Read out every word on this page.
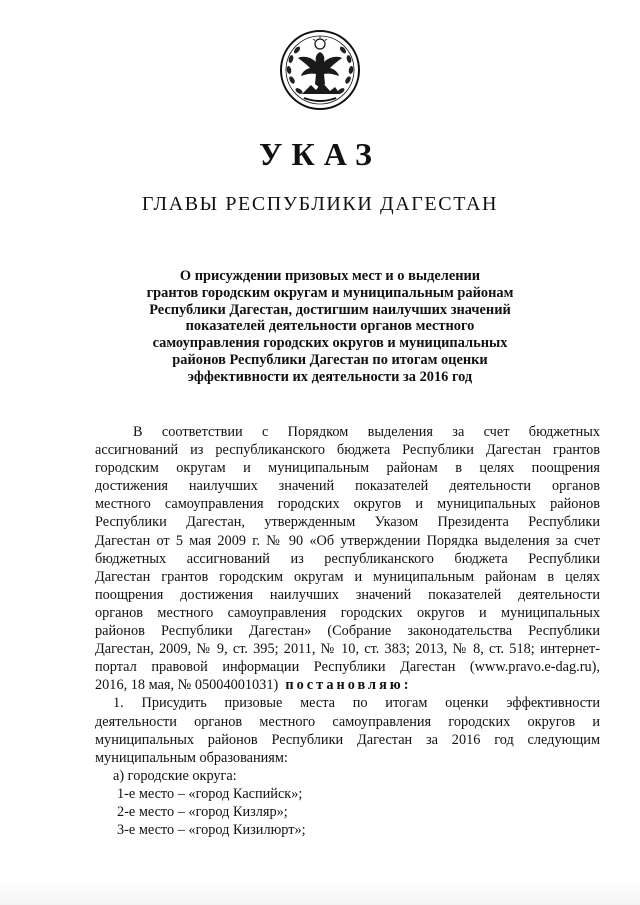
УКАЗ
ГЛАВЫ РЕСПУБЛИКИ ДАГЕСТАН
О присуждении призовых мест и о выделении
грантов городским округам и муниципальным районам
Республики Дагестан, достигшим наилучших значений
показателей деятельности органов местного
самоуправления городских округов и муниципальных
районов Республики Дагестан по итогам оценки
эффективности их деятельности за 2016 год
В соответствии с Порядком выделения за счет бюджетных
ассигнований из республиканского бюджета Республики Дагестан грантов
городским округам и муниципальным районам в целях поощрения
достижения наилучших значений показателей деятельности органов
местного самоуправления городских округов и муниципальных районов
Республики Дагестан, утвержденным Указом Президента Республики
Дагестан от 5 мая 2009 г. № 90 «Об утверждении Порядка выделения за счет
бюджетных ассигнований из республиканского бюджета Республики
Дагестан грантов городским округам и муниципальным районам в целях
поощрения достижения наилучших значений показателей деятельности
органов местного самоуправления городских округов и муниципальных
районов Республики Дагестан» (Собрание законодательства Республики
Дагестан, 2009, № 9, ст. 395; 2011, № 10, ст. 383; 2013, № 8, ст. 518; интернет-
портал правовой информации Республики Дагестан (www.pravo.e-dag.ru),
2016, 18 мая, № 05004001031) постановляю:
1. Присудить призовые места по итогам оценки эффективности
деятельности органов местного самоуправления городских округов и
муниципальных районов Республики Дагестан за 2016 год следующим
муниципальным образованиям:
а) городские округа:
1-е место – «город Каспийск»;
2-е место – «город Кизляр»;
3-е место – «город Кизилюрт»;
